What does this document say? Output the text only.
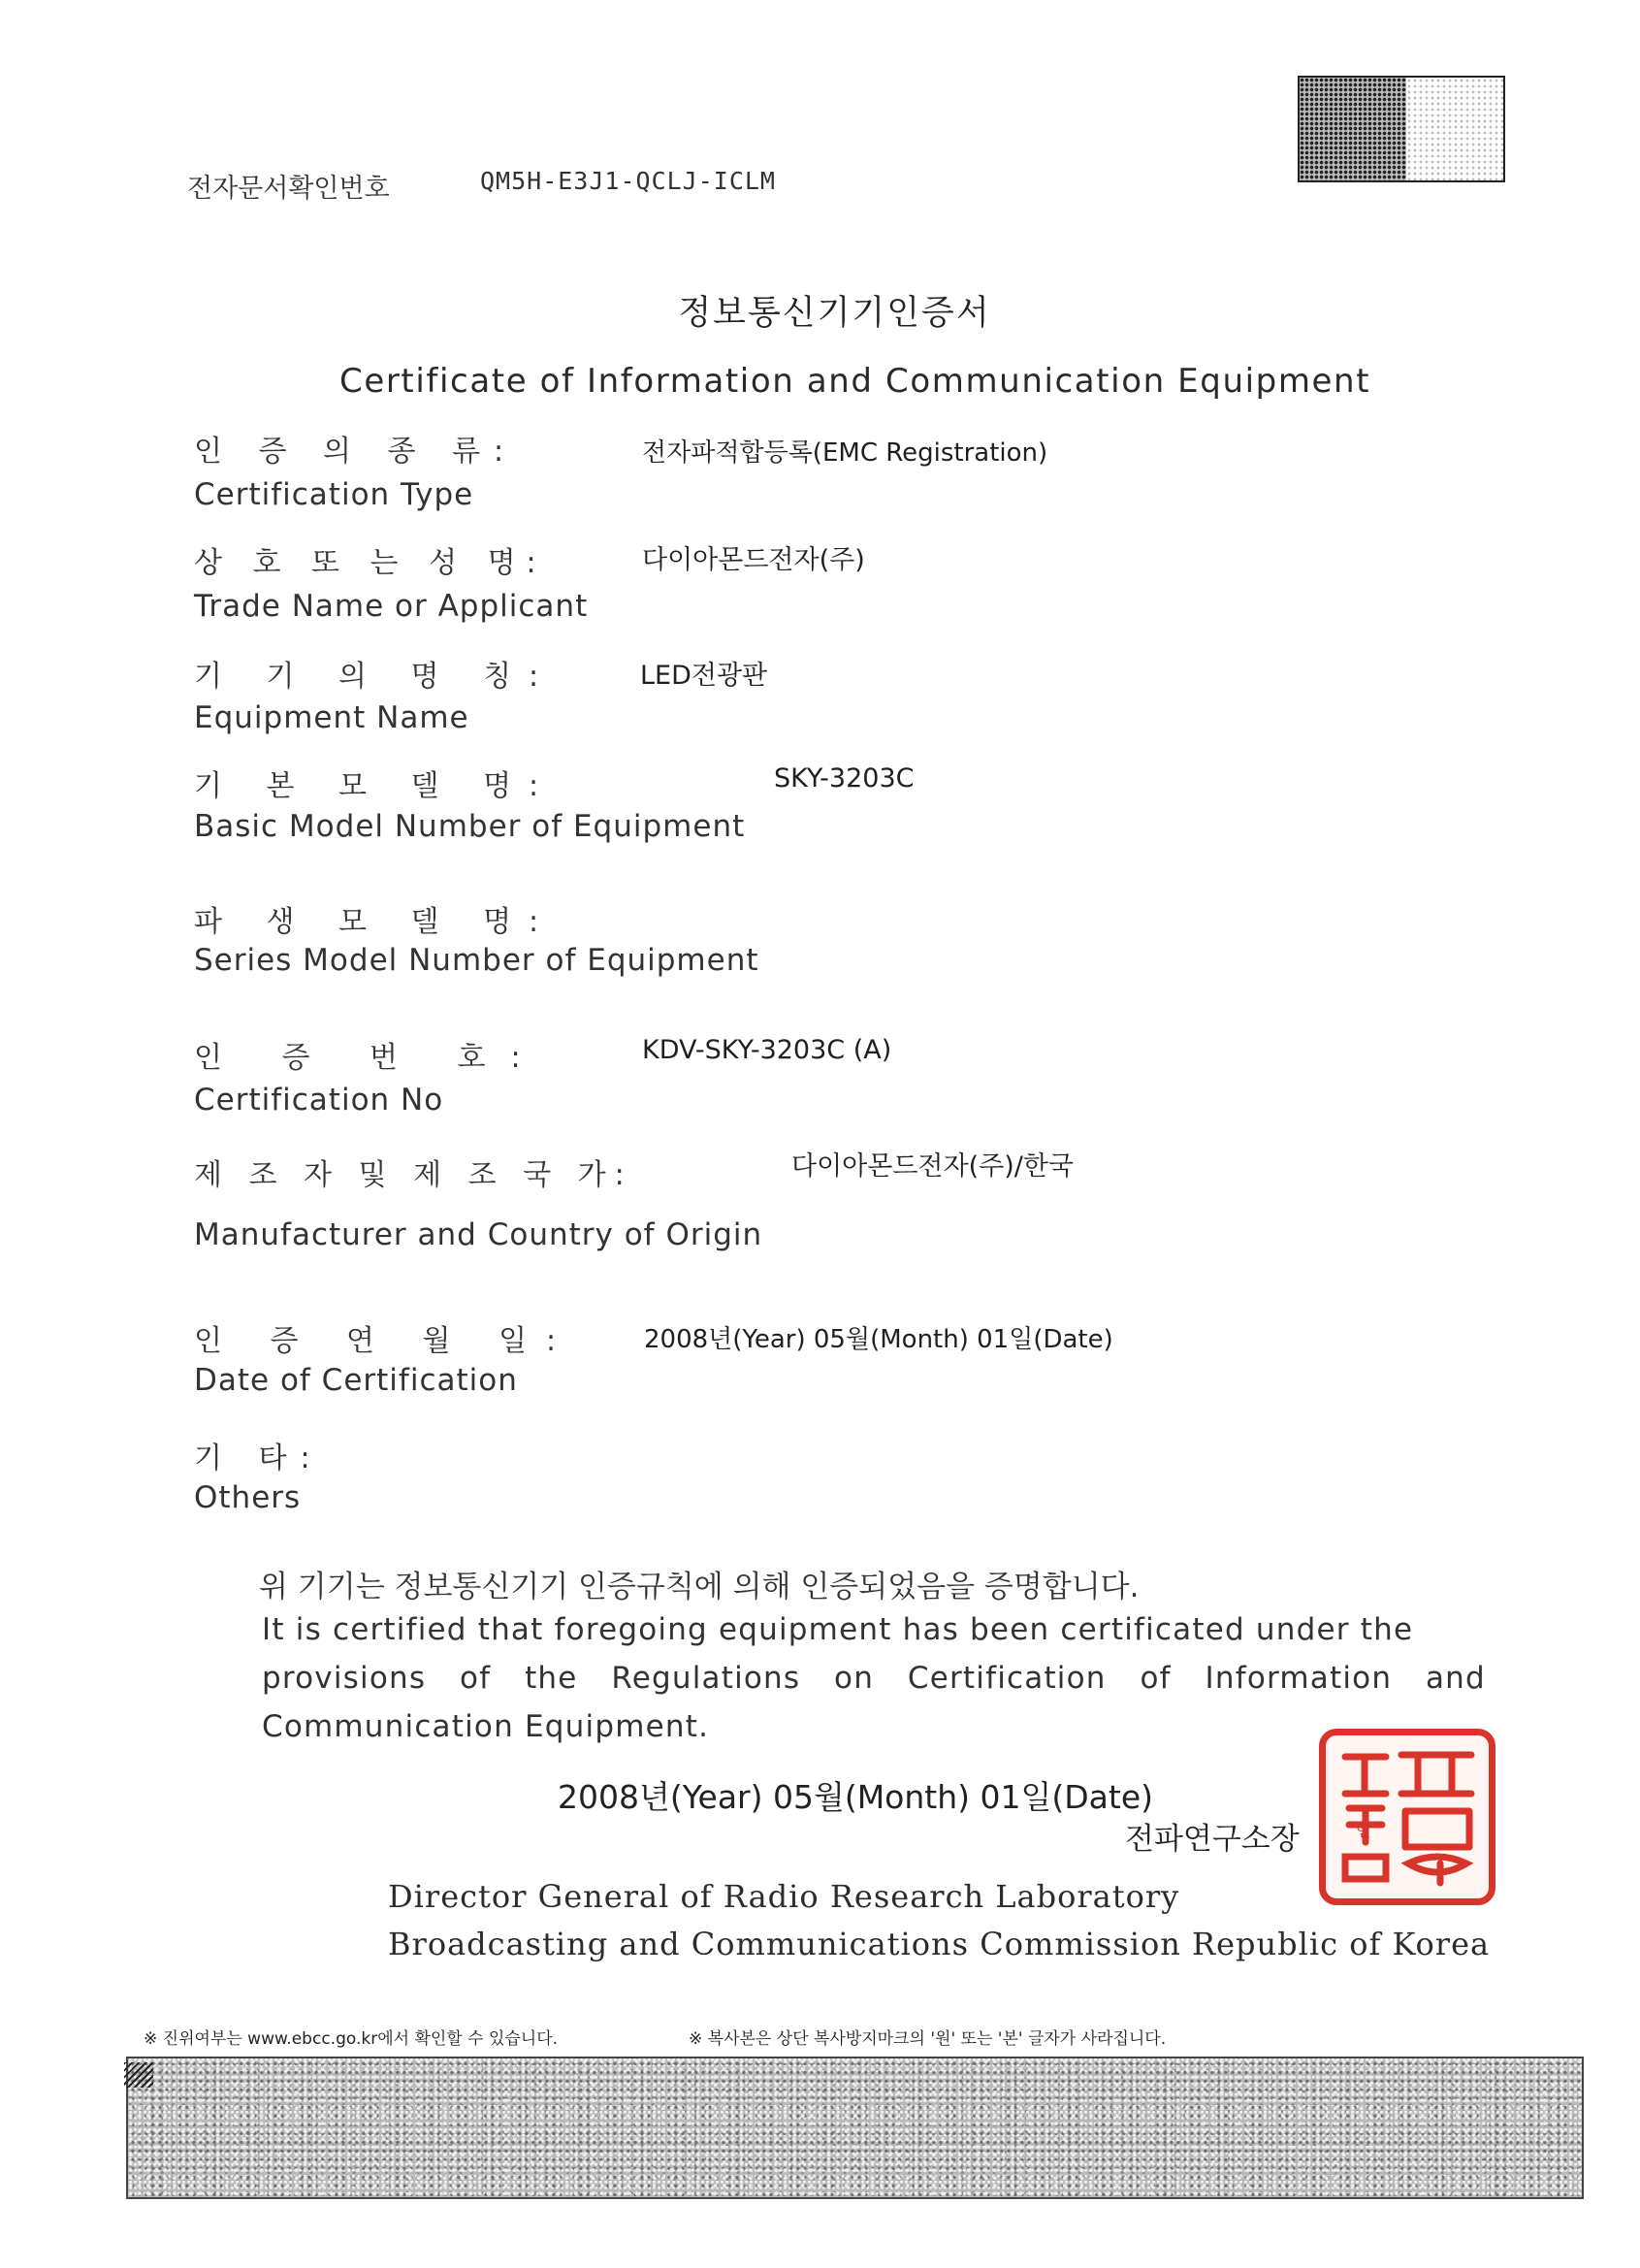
전자문서확인번호	QM5H-E3J1-QCLJ-ICLM
정보통신기기인증서
Certificate of Information and Communication Equipment
인 증 의 종 류:
Certification Type
전자파적합등록(EMC Registration)
상 호 또 는 성 명:
Trade Name or Applicant
다이아몬드전자(주)
기 기 의 명 칭:
Equipment Name
LED전광판
기 본 모 델 명:
Basic Model Number of Equipment
SKY-3203C
파 생 모 델 명:
Series Model Number of Equipment
인 증 번 호:
Certification No
KDV-SKY-3203C (A)
제 조 자 및 제 조 국 가:
Manufacturer and Country of Origin
다이아몬드전자(주)/한국
인 증 연 월 일:
Date of Certification
2008년(Year) 05월(Month) 01일(Date)
기 타:
Others
위 기기는 정보통신기기 인증규칙에 의해 인증되었음을 증명합니다.
It is certified that foregoing equipment has been certificated under the
provisions of the Regulations on Certification of Information and
Communication Equipment.
2008년(Year) 05월(Month) 01일(Date)
전파연구소장	인
Director General of Radio Research Laboratory
Broadcasting and Communications Commission Republic of Korea
※ 진위여부는 www.ebcc.go.kr에서 확인할 수 있습니다.	※ 복사본은 상단 복사방지마크의 '원' 또는 '본' 글자가 사라집니다.
